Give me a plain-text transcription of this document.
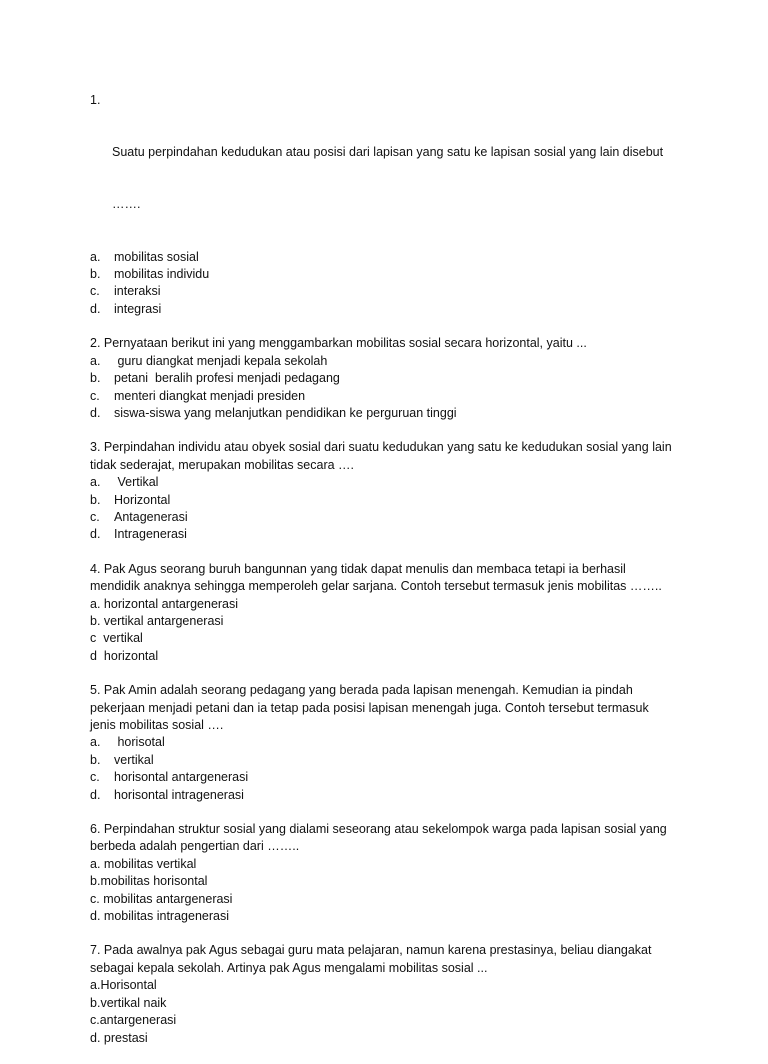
1.

Suatu perpindahan kedudukan atau posisi dari lapisan yang satu ke lapisan sosial yang lain disebut

…….

a. mobilitas sosial
b. mobilitas individu
c. interaksi
d. integrasi
2. Pernyataan berikut ini yang menggambarkan mobilitas sosial secara horizontal, yaitu ...
a. guru diangkat menjadi kepala sekolah
b. petani  beralih profesi menjadi pedagang
c. menteri diangkat menjadi presiden
d. siswa-siswa yang melanjutkan pendidikan ke perguruan tinggi
3. Perpindahan individu atau obyek sosial dari suatu kedudukan yang satu ke kedudukan sosial yang lain
tidak sederajat, merupakan mobilitas secara ….
a. Vertikal
b. Horizontal
c. Antagenerasi
d. Intragenerasi
4. Pak Agus seorang buruh bangunnan yang tidak dapat menulis dan membaca tetapi ia berhasil
mendidik anaknya sehingga memperoleh gelar sarjana. Contoh tersebut termasuk jenis mobilitas ……..
a. horizontal antargenerasi
b. vertikal antargenerasi
c vertikal
d horizontal
5. Pak Amin adalah seorang pedagang yang berada pada lapisan menengah. Kemudian ia pindah
pekerjaan menjadi petani dan ia tetap pada posisi lapisan menengah juga. Contoh tersebut termasuk
jenis mobilitas sosial ….
a. horisotal
b. vertikal
c. horisontal antargenerasi
d. horisontal intragenerasi
6. Perpindahan struktur sosial yang dialami seseorang atau sekelompok warga pada lapisan sosial yang
berbeda adalah pengertian dari ……..
a. mobilitas vertikal
b.mobilitas horisontal
c. mobilitas antargenerasi
d. mobilitas intragenerasi
7. Pada awalnya pak Agus sebagai guru mata pelajaran, namun karena prestasinya, beliau diangakat
sebagai kepala sekolah. Artinya pak Agus mengalami mobilitas sosial ...
a.Horisontal
b.vertikal naik
c.antargenerasi
d. prestasi
